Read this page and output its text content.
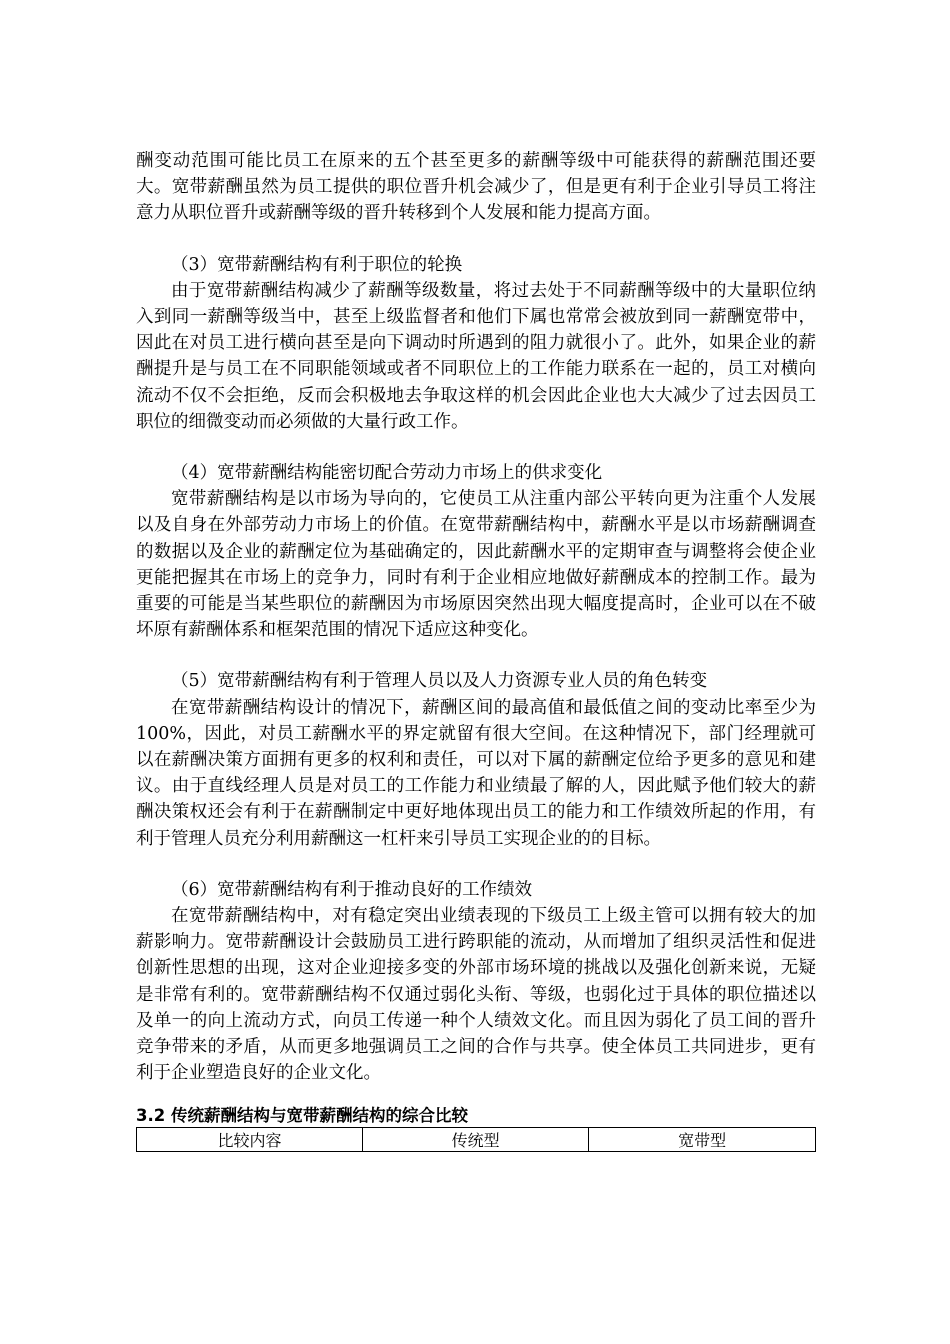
酬变动范围可能比员工在原来的五个甚至更多的薪酬等级中可能获得的薪酬范围还要大。宽带薪酬虽然为员工提供的职位晋升机会减少了，但是更有利于企业引导员工将注意力从职位晋升或薪酬等级的晋升转移到个人发展和能力提高方面。

（3）宽带薪酬结构有利于职位的轮换

由于宽带薪酬结构减少了薪酬等级数量，将过去处于不同薪酬等级中的大量职位纳入到同一薪酬等级当中，甚至上级监督者和他们下属也常常会被放到同一薪酬宽带中，因此在对员工进行横向甚至是向下调动时所遇到的阻力就很小了。此外，如果企业的薪酬提升是与员工在不同职能领域或者不同职位上的工作能力联系在一起的，员工对横向流动不仅不会拒绝，反而会积极地去争取这样的机会因此企业也大大减少了过去因员工职位的细微变动而必须做的大量行政工作。

（4）宽带薪酬结构能密切配合劳动力市场上的供求变化

宽带薪酬结构是以市场为导向的，它使员工从注重内部公平转向更为注重个人发展以及自身在外部劳动力市场上的价值。在宽带薪酬结构中，薪酬水平是以市场薪酬调查的数据以及企业的薪酬定位为基础确定的，因此薪酬水平的定期审查与调整将会使企业更能把握其在市场上的竞争力，同时有利于企业相应地做好薪酬成本的控制工作。最为重要的可能是当某些职位的薪酬因为市场原因突然出现大幅度提高时，企业可以在不破坏原有薪酬体系和框架范围的情况下适应这种变化。

（5）宽带薪酬结构有利于管理人员以及人力资源专业人员的角色转变

在宽带薪酬结构设计的情况下，薪酬区间的最高值和最低值之间的变动比率至少为100%，因此，对员工薪酬水平的界定就留有很大空间。在这种情况下，部门经理就可以在薪酬决策方面拥有更多的权利和责任，可以对下属的薪酬定位给予更多的意见和建议。由于直线经理人员是对员工的工作能力和业绩最了解的人，因此赋予他们较大的薪酬决策权还会有利于在薪酬制定中更好地体现出员工的能力和工作绩效所起的作用，有利于管理人员充分利用薪酬这一杠杆来引导员工实现企业的的目标。

（6）宽带薪酬结构有利于推动良好的工作绩效

在宽带薪酬结构中，对有稳定突出业绩表现的下级员工上级主管可以拥有较大的加薪影响力。宽带薪酬设计会鼓励员工进行跨职能的流动，从而增加了组织灵活性和促进创新性思想的出现，这对企业迎接多变的外部市场环境的挑战以及强化创新来说，无疑是非常有利的。宽带薪酬结构不仅通过弱化头衔、等级，也弱化过于具体的职位描述以及单一的向上流动方式，向员工传递一种个人绩效文化。而且因为弱化了员工间的晋升竞争带来的矛盾，从而更多地强调员工之间的合作与共享。使全体员工共同进步，更有利于企业塑造良好的企业文化。

3.2 传统薪酬结构与宽带薪酬结构的综合比较

比较内容	传统型	宽带型
